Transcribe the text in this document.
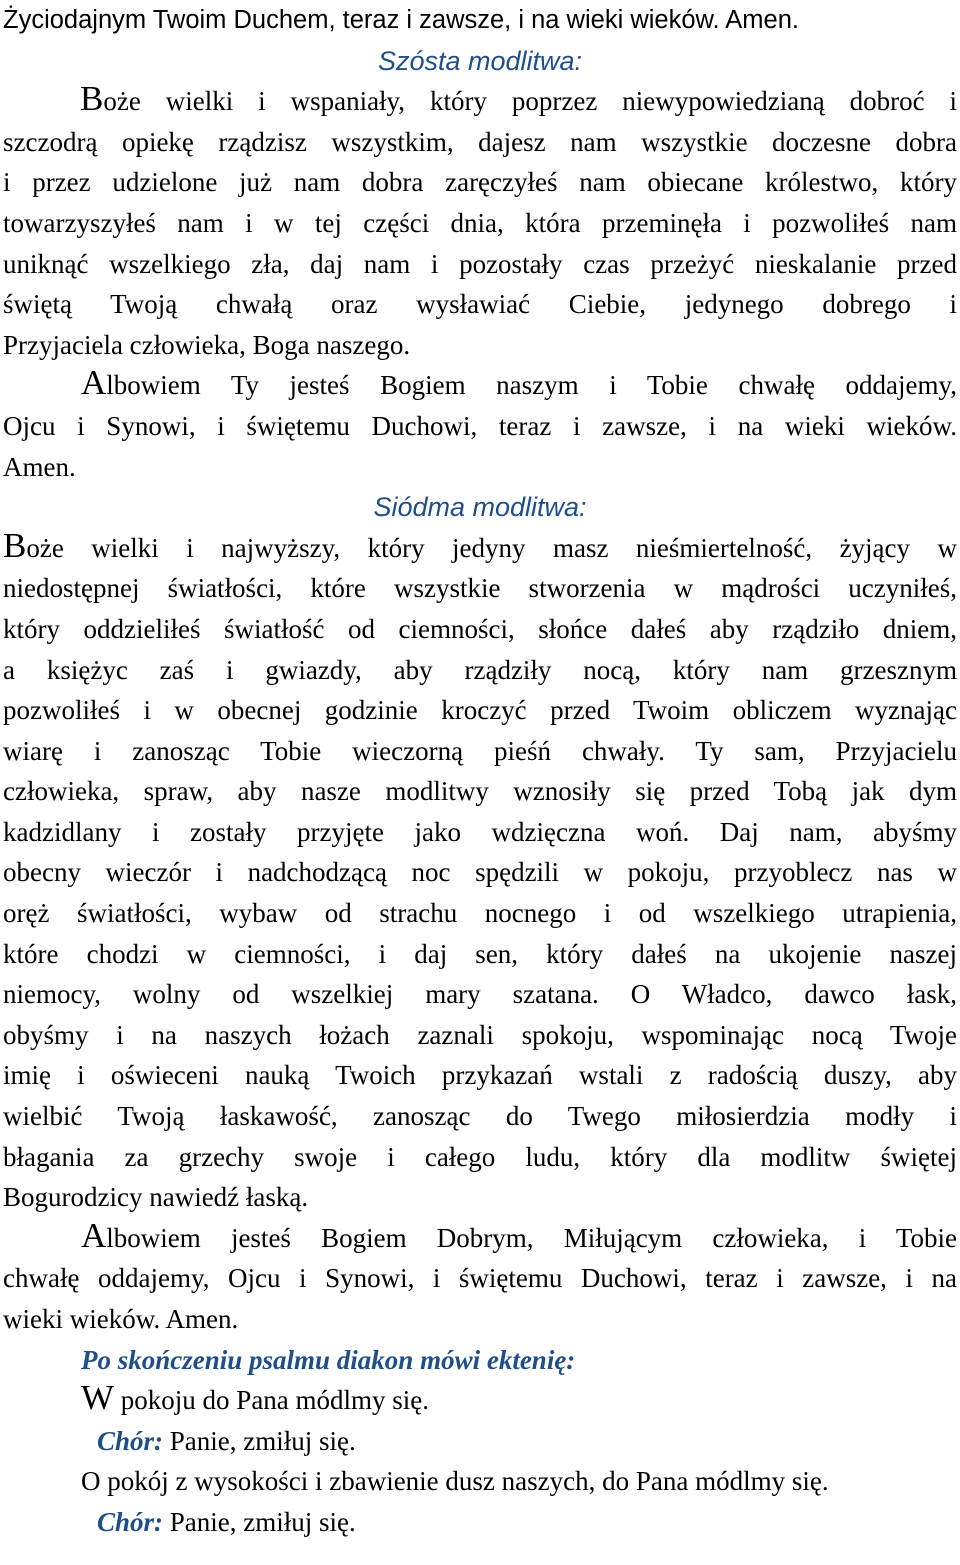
Życiodajnym Twoim Duchem, teraz i zawsze, i na wieki wieków. Amen.

Szósta modlitwa:

Boże wielki i wspaniały, który poprzez niewypowiedzianą dobroć i

szczodrą opiekę rządzisz wszystkim, dajesz nam wszystkie doczesne dobra

i przez udzielone już nam dobra zaręczyłeś nam obiecane królestwo, który

towarzyszyłeś nam i w tej części dnia, która przeminęła i pozwoliłeś nam

uniknąć wszelkiego zła, daj nam i pozostały czas przeżyć nieskalanie przed

świętą Twoją chwałą oraz wysławiać Ciebie, jedynego dobrego i

Przyjaciela człowieka, Boga naszego.

Albowiem Ty jesteś Bogiem naszym i Tobie chwałę oddajemy,

Ojcu i Synowi, i świętemu Duchowi, teraz i zawsze, i na wieki wieków.

Amen.

Siódma modlitwa:

Boże wielki i najwyższy, który jedyny masz nieśmiertelność, żyjący w

niedostępnej światłości, które wszystkie stworzenia w mądrości uczyniłeś,

który oddzieliłeś światłość od ciemności, słońce dałeś aby rządziło dniem,

a księżyc zaś i gwiazdy, aby rządziły nocą, który nam grzesznym

pozwoliłeś i w obecnej godzinie kroczyć przed Twoim obliczem wyznając

wiarę i zanosząc Tobie wieczorną pieśń chwały. Ty sam, Przyjacielu

człowieka, spraw, aby nasze modlitwy wznosiły się przed Tobą jak dym

kadzidlany i zostały przyjęte jako wdzięczna woń. Daj nam, abyśmy

obecny wieczór i nadchodzącą noc spędzili w pokoju, przyoblecz nas w

oręż światłości, wybaw od strachu nocnego i od wszelkiego utrapienia,

które chodzi w ciemności, i daj sen, który dałeś na ukojenie naszej

niemocy, wolny od wszelkiej mary szatana. O Władco, dawco łask,

obyśmy i na naszych łożach zaznali spokoju, wspominając nocą Twoje

imię i oświeceni nauką Twoich przykazań wstali z radością duszy, aby

wielbić Twoją łaskawość, zanosząc do Twego miłosierdzia modły i

błagania za grzechy swoje i całego ludu, który dla modlitw świętej

Bogurodzicy nawiedź łaską.

Albowiem jesteś Bogiem Dobrym, Miłującym człowieka, i Tobie

chwałę oddajemy, Ojcu i Synowi, i świętemu Duchowi, teraz i zawsze, i na

wieki wieków. Amen.

Po skończeniu psalmu diakon mówi ektenię:

W pokoju do Pana módlmy się.

Chór: Panie, zmiłuj się.

O pokój z wysokości i zbawienie dusz naszych, do Pana módlmy się.

Chór: Panie, zmiłuj się.
